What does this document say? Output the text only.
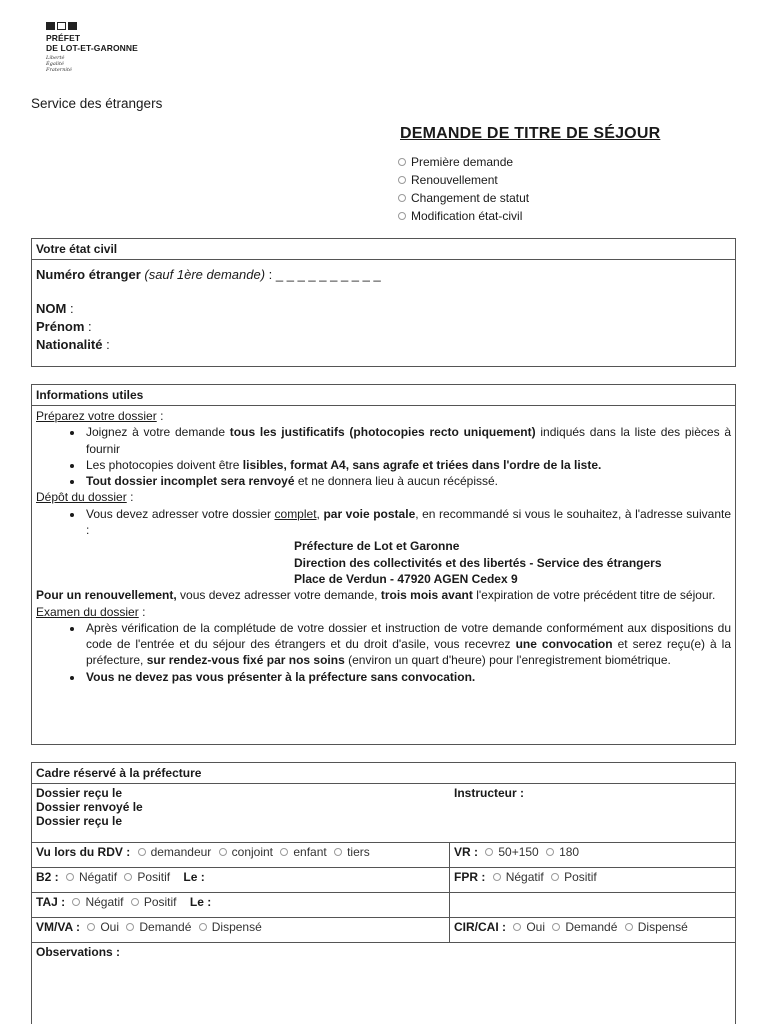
PRÉFET
DE LOT-ET-GARONNE
Liberté
Égalité
Fraternité
Service des étrangers
DEMANDE DE TITRE DE SÉJOUR
Première demande
Renouvellement
Changement de statut
Modification état-civil
Votre état civil
Numéro étranger (sauf 1ère demande) : _ _ _ _ _ _ _ _ _ _
NOM :
Prénom :
Nationalité :
Informations utiles
Préparez votre dossier :
• Joignez à votre demande tous les justificatifs (photocopies recto uniquement) indiqués dans la liste des pièces à fournir
• Les photocopies doivent être lisibles, format A4, sans agrafe et triées dans l'ordre de la liste.
• Tout dossier incomplet sera renvoyé et ne donnera lieu à aucun récépissé.
Dépôt du dossier :
• Vous devez adresser votre dossier complet, par voie postale, en recommandé si vous le souhaitez, à l'adresse suivante :
Préfecture de Lot et Garonne
Direction des collectivités et des libertés - Service des étrangers
Place de Verdun - 47920 AGEN Cedex 9
Pour un renouvellement, vous devez adresser votre demande, trois mois avant l'expiration de votre précédent titre de séjour.
Examen du dossier :
• Après vérification de la complétude de votre dossier et instruction de votre demande conformément aux dispositions du code de l'entrée et du séjour des étrangers et du droit d'asile, vous recevrez une convocation et serez reçu(e) à la préfecture, sur rendez-vous fixé par nos soins (environ un quart d'heure) pour l'enregistrement biométrique.
• Vous ne devez pas vous présenter à la préfecture sans convocation.
Cadre réservé à la préfecture
Dossier reçu le
Dossier renvoyé le
Dossier reçu le
Instructeur :
Vu lors du RDV : demandeur conjoint enfant tiers	VR : 50+150 180
B2 : Négatif Positif Le :	FPR : Négatif Positif
TAJ : Négatif Positif Le :
VM/VA : Oui Demandé Dispensé	CIR/CAI : Oui Demandé Dispensé
Observations :
